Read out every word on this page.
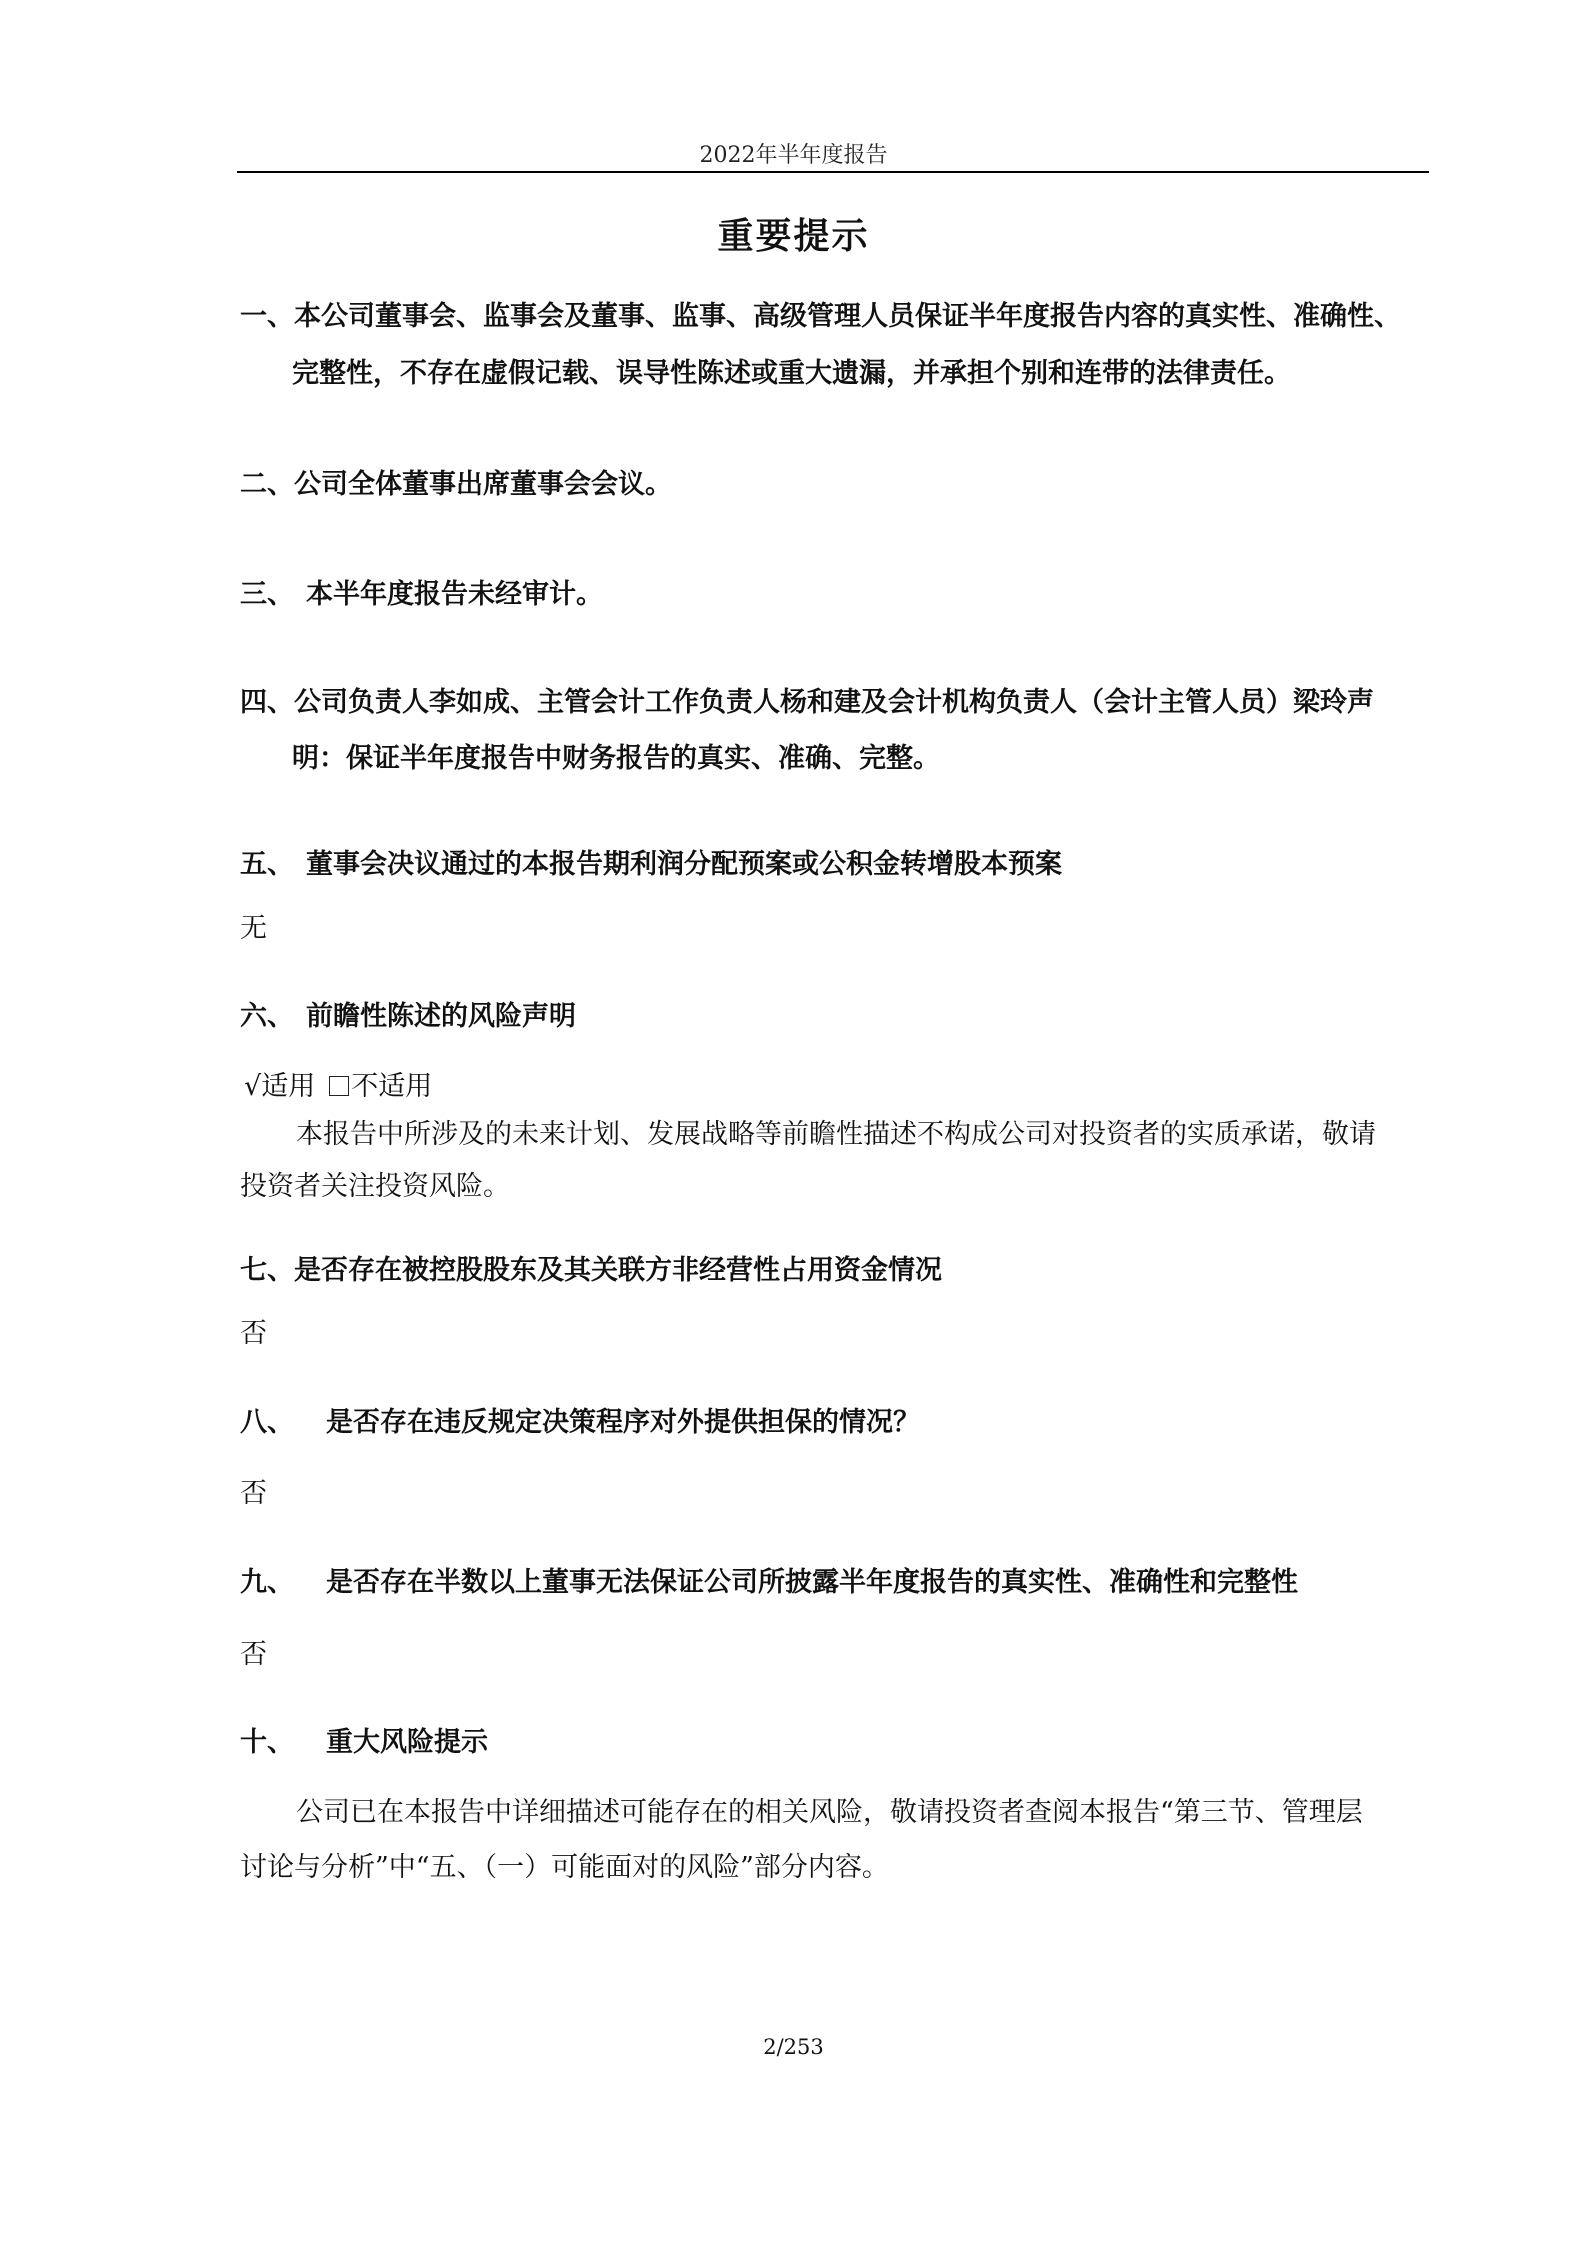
2022年半年度报告
重要提示
一、本公司董事会、监事会及董事、监事、高级管理人员保证半年度报告内容的真实性、准确性、
完整性，不存在虚假记载、误导性陈述或重大遗漏，并承担个别和连带的法律责任。
二、公司全体董事出席董事会会议。
三、 本半年度报告未经审计。
四、公司负责人李如成、主管会计工作负责人杨和建及会计机构负责人（会计主管人员）梁玲声
明：保证半年度报告中财务报告的真实、准确、完整。
五、 董事会决议通过的本报告期利润分配预案或公积金转增股本预案
无
六、 前瞻性陈述的风险声明
√适用 不适用
本报告中所涉及的未来计划、发展战略等前瞻性描述不构成公司对投资者的实质承诺，敬请
投资者关注投资风险。
七、是否存在被控股股东及其关联方非经营性占用资金情况
否
八、 是否存在违反规定决策程序对外提供担保的情况？
否
九、 是否存在半数以上董事无法保证公司所披露半年度报告的真实性、准确性和完整性
否
十、 重大风险提示
公司已在本报告中详细描述可能存在的相关风险，敬请投资者查阅本报告“第三节、管理层
讨论与分析”中“五、（一）可能面对的风险”部分内容。
2/253
